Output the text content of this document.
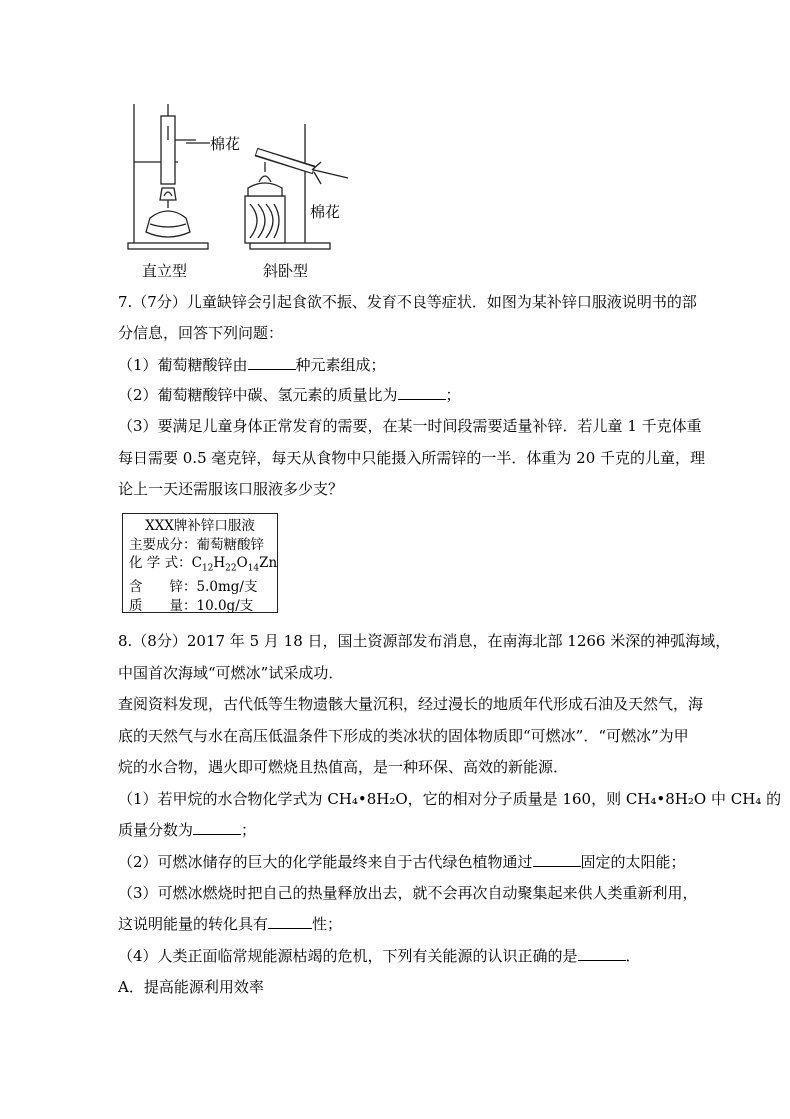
棉花
棉花
直立型	斜卧型
7.（7分）儿童缺锌会引起食欲不振、发育不良等症状．如图为某补锌口服液说明书的部
分信息，回答下列问题：
（1）葡萄糖酸锌由	种元素组成；
（2）葡萄糖酸锌中碳、氢元素的质量比为	；
（3）要满足儿童身体正常发育的需要，在某一时间段需要适量补锌．若儿童 1 千克体重
每日需要 0.5 毫克锌，每天从食物中只能摄入所需锌的一半．体重为 20 千克的儿童，理
论上一天还需服该口服液多少支？
XXX牌补锌口服液
主要成分：葡萄糖酸锌
化 学 式：$C_{12}H_{22}O_{14}Zn$
含　　锌：5.0mg/支
质　　量：10.0g/支
8.（8分）2017 年 5 月 18 日，国土资源部发布消息，在南海北部 1266 米深的神弧海域，
中国首次海域“可燃冰”试采成功．
查阅资料发现，古代低等生物遗骸大量沉积，经过漫长的地质年代形成石油及天然气，海
底的天然气与水在高压低温条件下形成的类冰状的固体物质即“可燃冰”．“可燃冰”为甲
烷的水合物，遇火即可燃烧且热值高，是一种环保、高效的新能源．
（1）若甲烷的水合物化学式为 CH₄•8H₂O，它的相对分子质量是 160，则 CH₄•8H₂O 中 CH₄ 的
质量分数为	；
（2）可燃冰储存的巨大的化学能最终来自于古代绿色植物通过	固定的太阳能；
（3）可燃冰燃烧时把自己的热量释放出去，就不会再次自动聚集起来供人类重新利用，
这说明能量的转化具有	性；
（4）人类正面临常规能源枯竭的危机，下列有关能源的认识正确的是	．
A．提高能源利用效率
